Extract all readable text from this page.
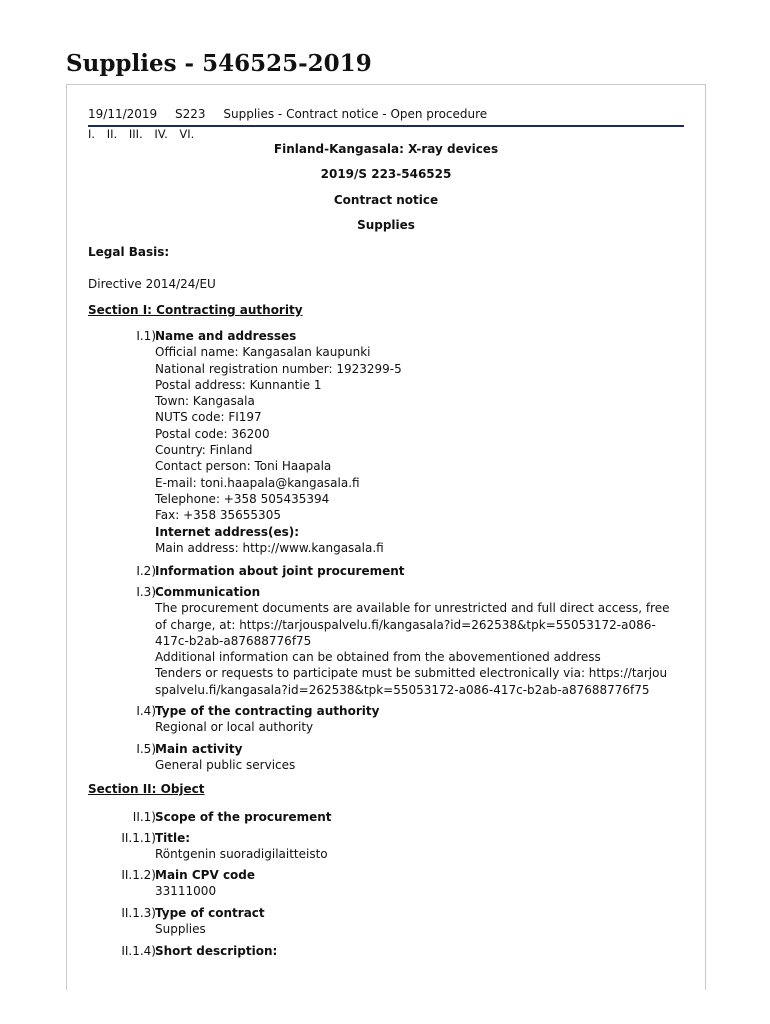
Supplies - 546525-2019
19/11/2019 S223 Supplies - Contract notice - Open procedure
I. II. III. IV. VI.
Finland-Kangasala: X-ray devices
2019/S 223-546525
Contract notice
Supplies
Legal Basis:
Directive 2014/24/EU
Section I: Contracting authority
I.1) Name and addresses
Official name: Kangasalan kaupunki
National registration number: 1923299-5
Postal address: Kunnantie 1
Town: Kangasala
NUTS code: FI197
Postal code: 36200
Country: Finland
Contact person: Toni Haapala
E-mail: toni.haapala@kangasala.fi
Telephone: +358 505435394
Fax: +358 35655305
Internet address(es):
Main address: http://www.kangasala.fi
I.2) Information about joint procurement
I.3) Communication
The procurement documents are available for unrestricted and full direct access, free
of charge, at: https://tarjouspalvelu.fi/kangasala?id=262538&tpk=55053172-a086-
417c-b2ab-a87688776f75
Additional information can be obtained from the abovementioned address
Tenders or requests to participate must be submitted electronically via: https://tarjou
spalvelu.fi/kangasala?id=262538&tpk=55053172-a086-417c-b2ab-a87688776f75
I.4) Type of the contracting authority
Regional or local authority
I.5) Main activity
General public services
Section II: Object
II.1) Scope of the procurement
II.1.1) Title:
Röntgenin suoradigilaitteisto
II.1.2) Main CPV code
33111000
II.1.3) Type of contract
Supplies
II.1.4) Short description:
